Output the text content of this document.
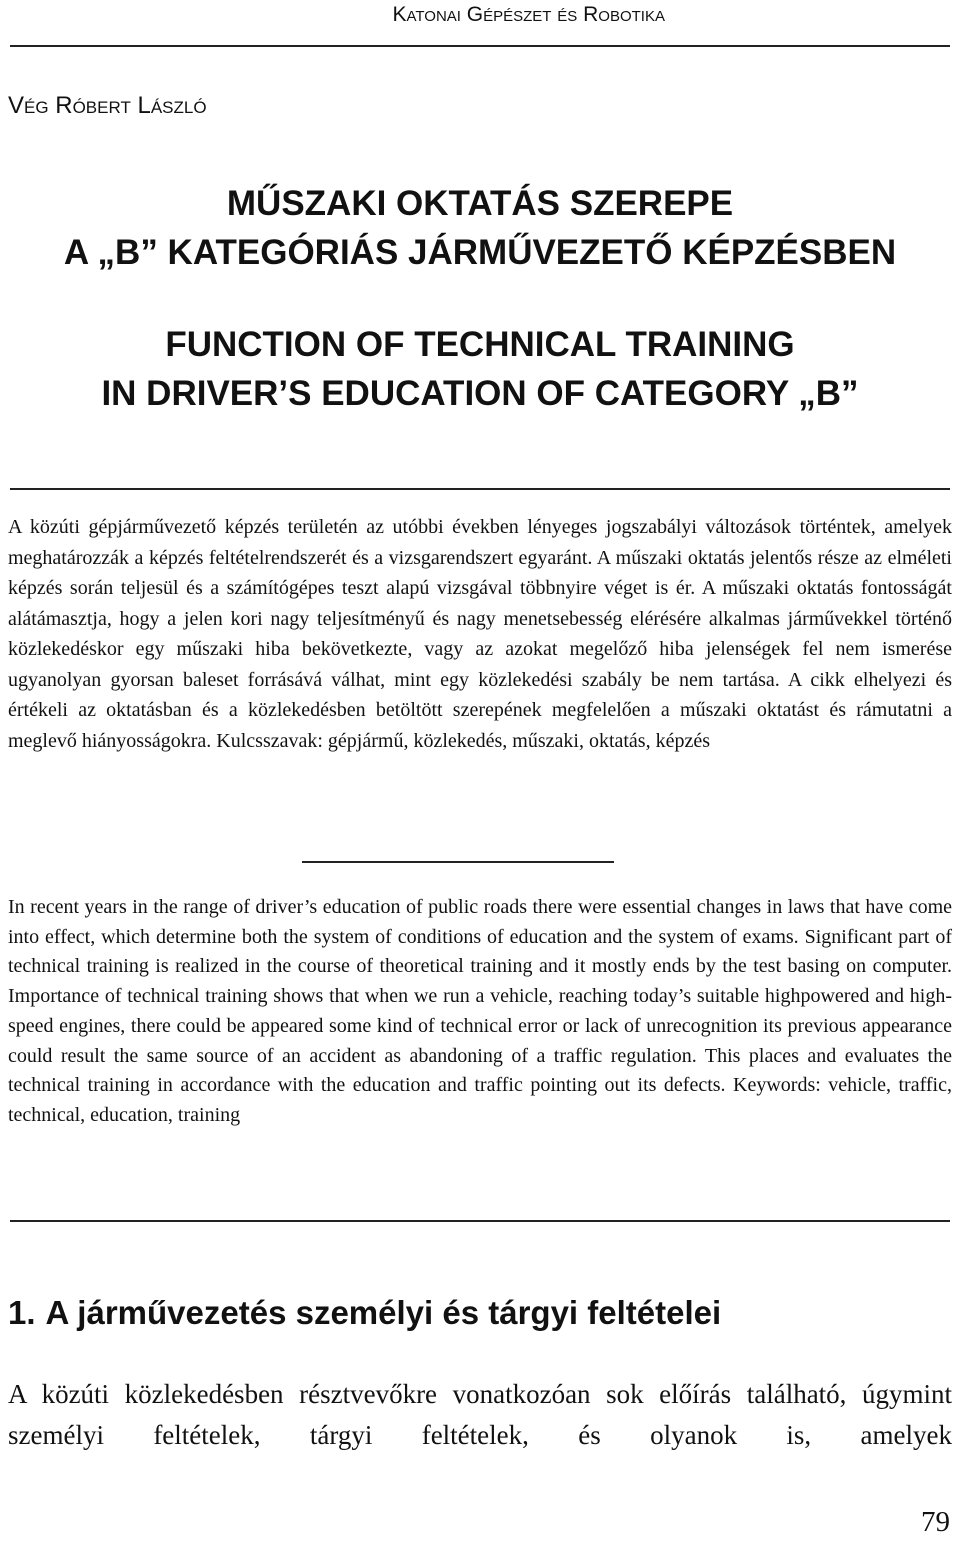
Katonai Gépészet és Robotika
Vég Róbert László
MŰSZAKI OKTATÁS SZEREPE
A „B” KATEGÓRIÁS JÁRMŰVEZETŐ KÉPZÉSBEN
FUNCTION OF TECHNICAL TRAINING
IN DRIVER’S EDUCATION OF CATEGORY „B”

A közúti gépjárművezető képzés területén az utóbbi években lényeges jogszabályi változások történtek, amelyek meghatározzák a képzés feltételrendszerét és a vizsgarendszert egyaránt. A műszaki oktatás jelentős része az elméleti képzés során teljesül és a számítógépes teszt alapú vizsgával többnyire véget is ér. A műszaki oktatás fontosságát alátámasztja, hogy a jelen kori nagy teljesítményű és nagy menetsebesség elérésére alkalmas járművekkel történő közlekedéskor egy műszaki hiba bekövetkezte, vagy az azokat megelőző hiba jelenségek fel nem ismerése ugyanolyan gyorsan baleset forrásává válhat, mint egy közlekedési szabály be nem tartása. A cikk elhelyezi és értékeli az oktatásban és a közlekedésben betöltött szerepének megfelelően a műszaki oktatást és rámutatni a meglevő hiányosságokra. Kulcsszavak: gépjármű, közlekedés, műszaki, oktatás, képzés

In recent years in the range of driver’s education of public roads there were essential changes in laws that have come into effect, which determine both the system of conditions of education and the system of exams. Significant part of technical training is realized in the course of theoretical training and it mostly ends by the test basing on computer. Importance of technical training shows that when we run a vehicle, reaching today’s suitable highpowered and high-speed engines, there could be appeared some kind of technical error or lack of unrecognition its previous appearance could result the same source of an accident as abandoning of a traffic regulation. This places and evaluates the technical training in accordance with the education and traffic pointing out its defects. Keywords: vehicle, traffic, technical, education, training

1. A járművezetés személyi és tárgyi feltételei

A közúti közlekedésben résztvevőkre vonatkozóan sok előírás található, úgymint személyi feltételek, tárgyi feltételek, és olyanok is, amelyek

79
